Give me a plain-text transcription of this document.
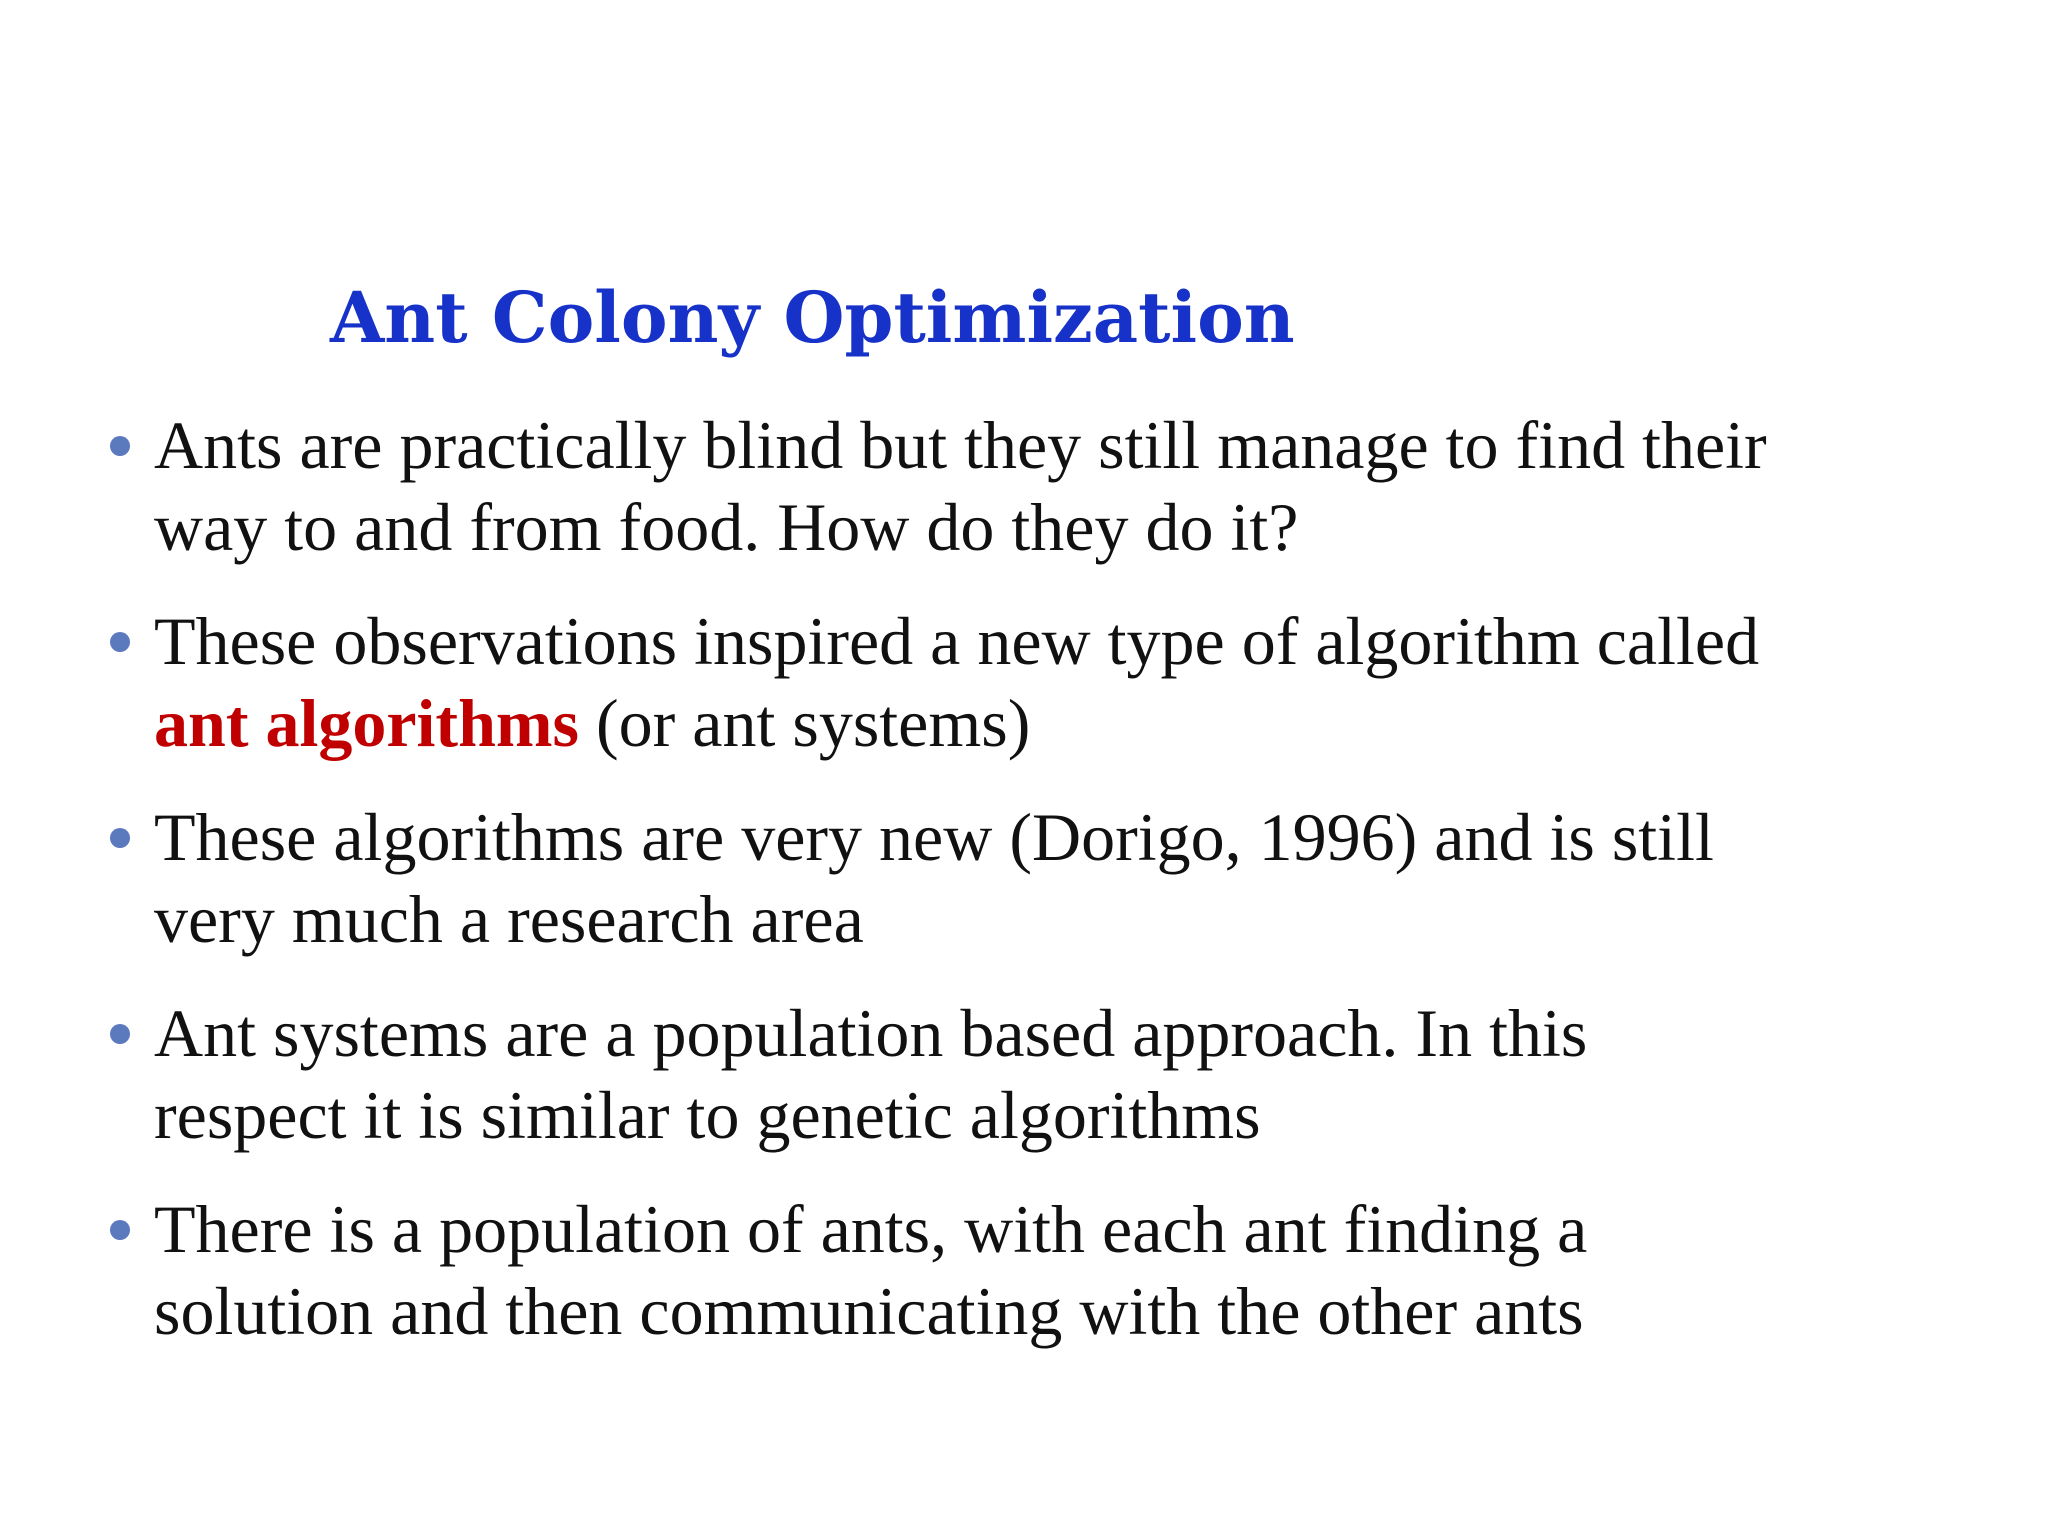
Ant Colony Optimization

Ants are practically blind but they still manage to find their

way to and from food. How do they do it?

These observations inspired a new type of algorithm called

ant algorithms (or ant systems)

These algorithms are very new (Dorigo, 1996) and is still

very much a research area

Ant systems are a population based approach. In this

respect it is similar to genetic algorithms

There is a population of ants, with each ant finding a

solution and then communicating with the other ants
